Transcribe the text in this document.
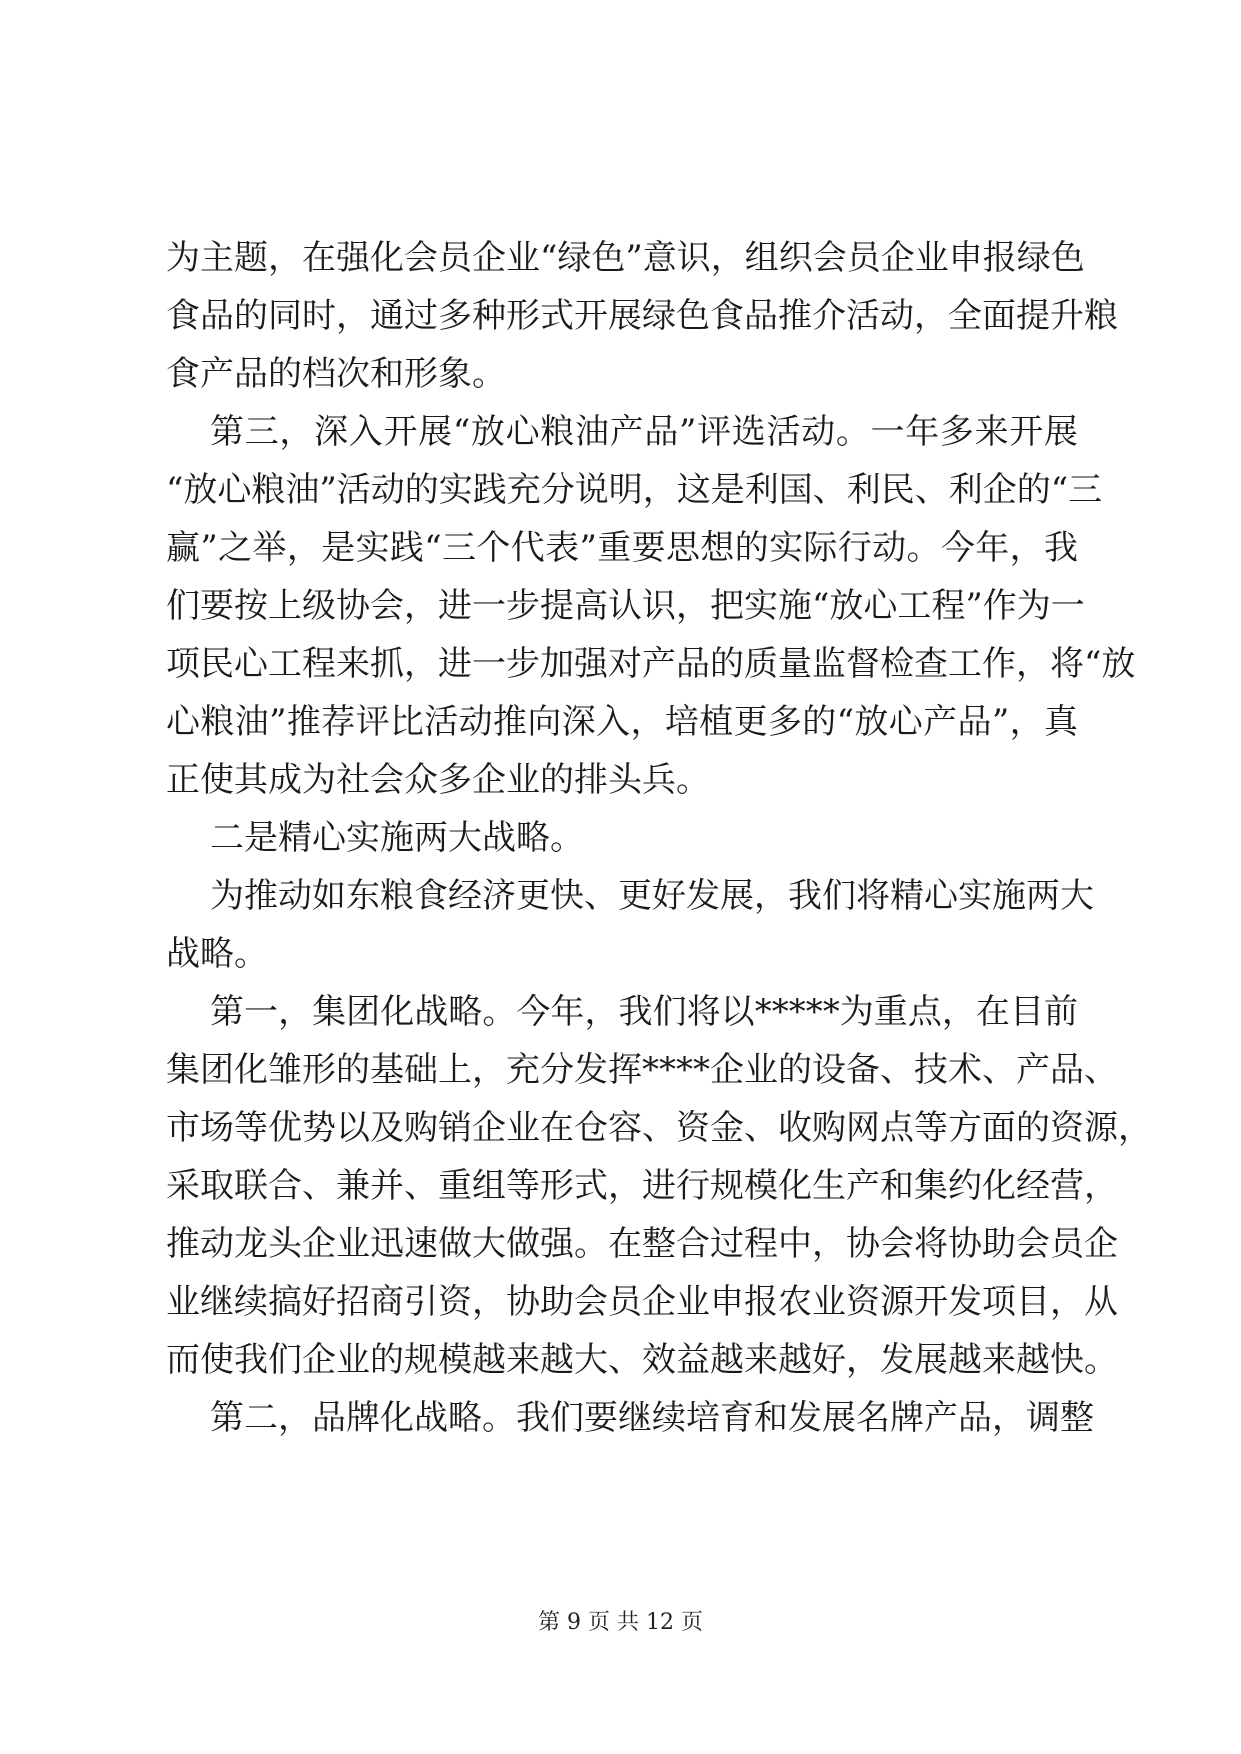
为主题，在强化会员企业“绿色”意识，组织会员企业申报绿色
食品的同时，通过多种形式开展绿色食品推介活动，全面提升粮
食产品的档次和形象。
第三，深入开展“放心粮油产品”评选活动。一年多来开展
“放心粮油”活动的实践充分说明，这是利国、利民、利企的“三
赢”之举，是实践“三个代表”重要思想的实际行动。今年，我
们要按上级协会，进一步提高认识，把实施“放心工程”作为一
项民心工程来抓，进一步加强对产品的质量监督检查工作，将“放
心粮油”推荐评比活动推向深入，培植更多的“放心产品”，真
正使其成为社会众多企业的排头兵。
二是精心实施两大战略。
为推动如东粮食经济更快、更好发展，我们将精心实施两大
战略。
第一，集团化战略。今年，我们将以*****为重点，在目前
集团化雏形的基础上，充分发挥****企业的设备、技术、产品、
市场等优势以及购销企业在仓容、资金、收购网点等方面的资源，
采取联合、兼并、重组等形式，进行规模化生产和集约化经营，
推动龙头企业迅速做大做强。在整合过程中，协会将协助会员企
业继续搞好招商引资，协助会员企业申报农业资源开发项目，从
而使我们企业的规模越来越大、效益越来越好，发展越来越快。
第二，品牌化战略。我们要继续培育和发展名牌产品，调整
第 9 页 共 12 页
